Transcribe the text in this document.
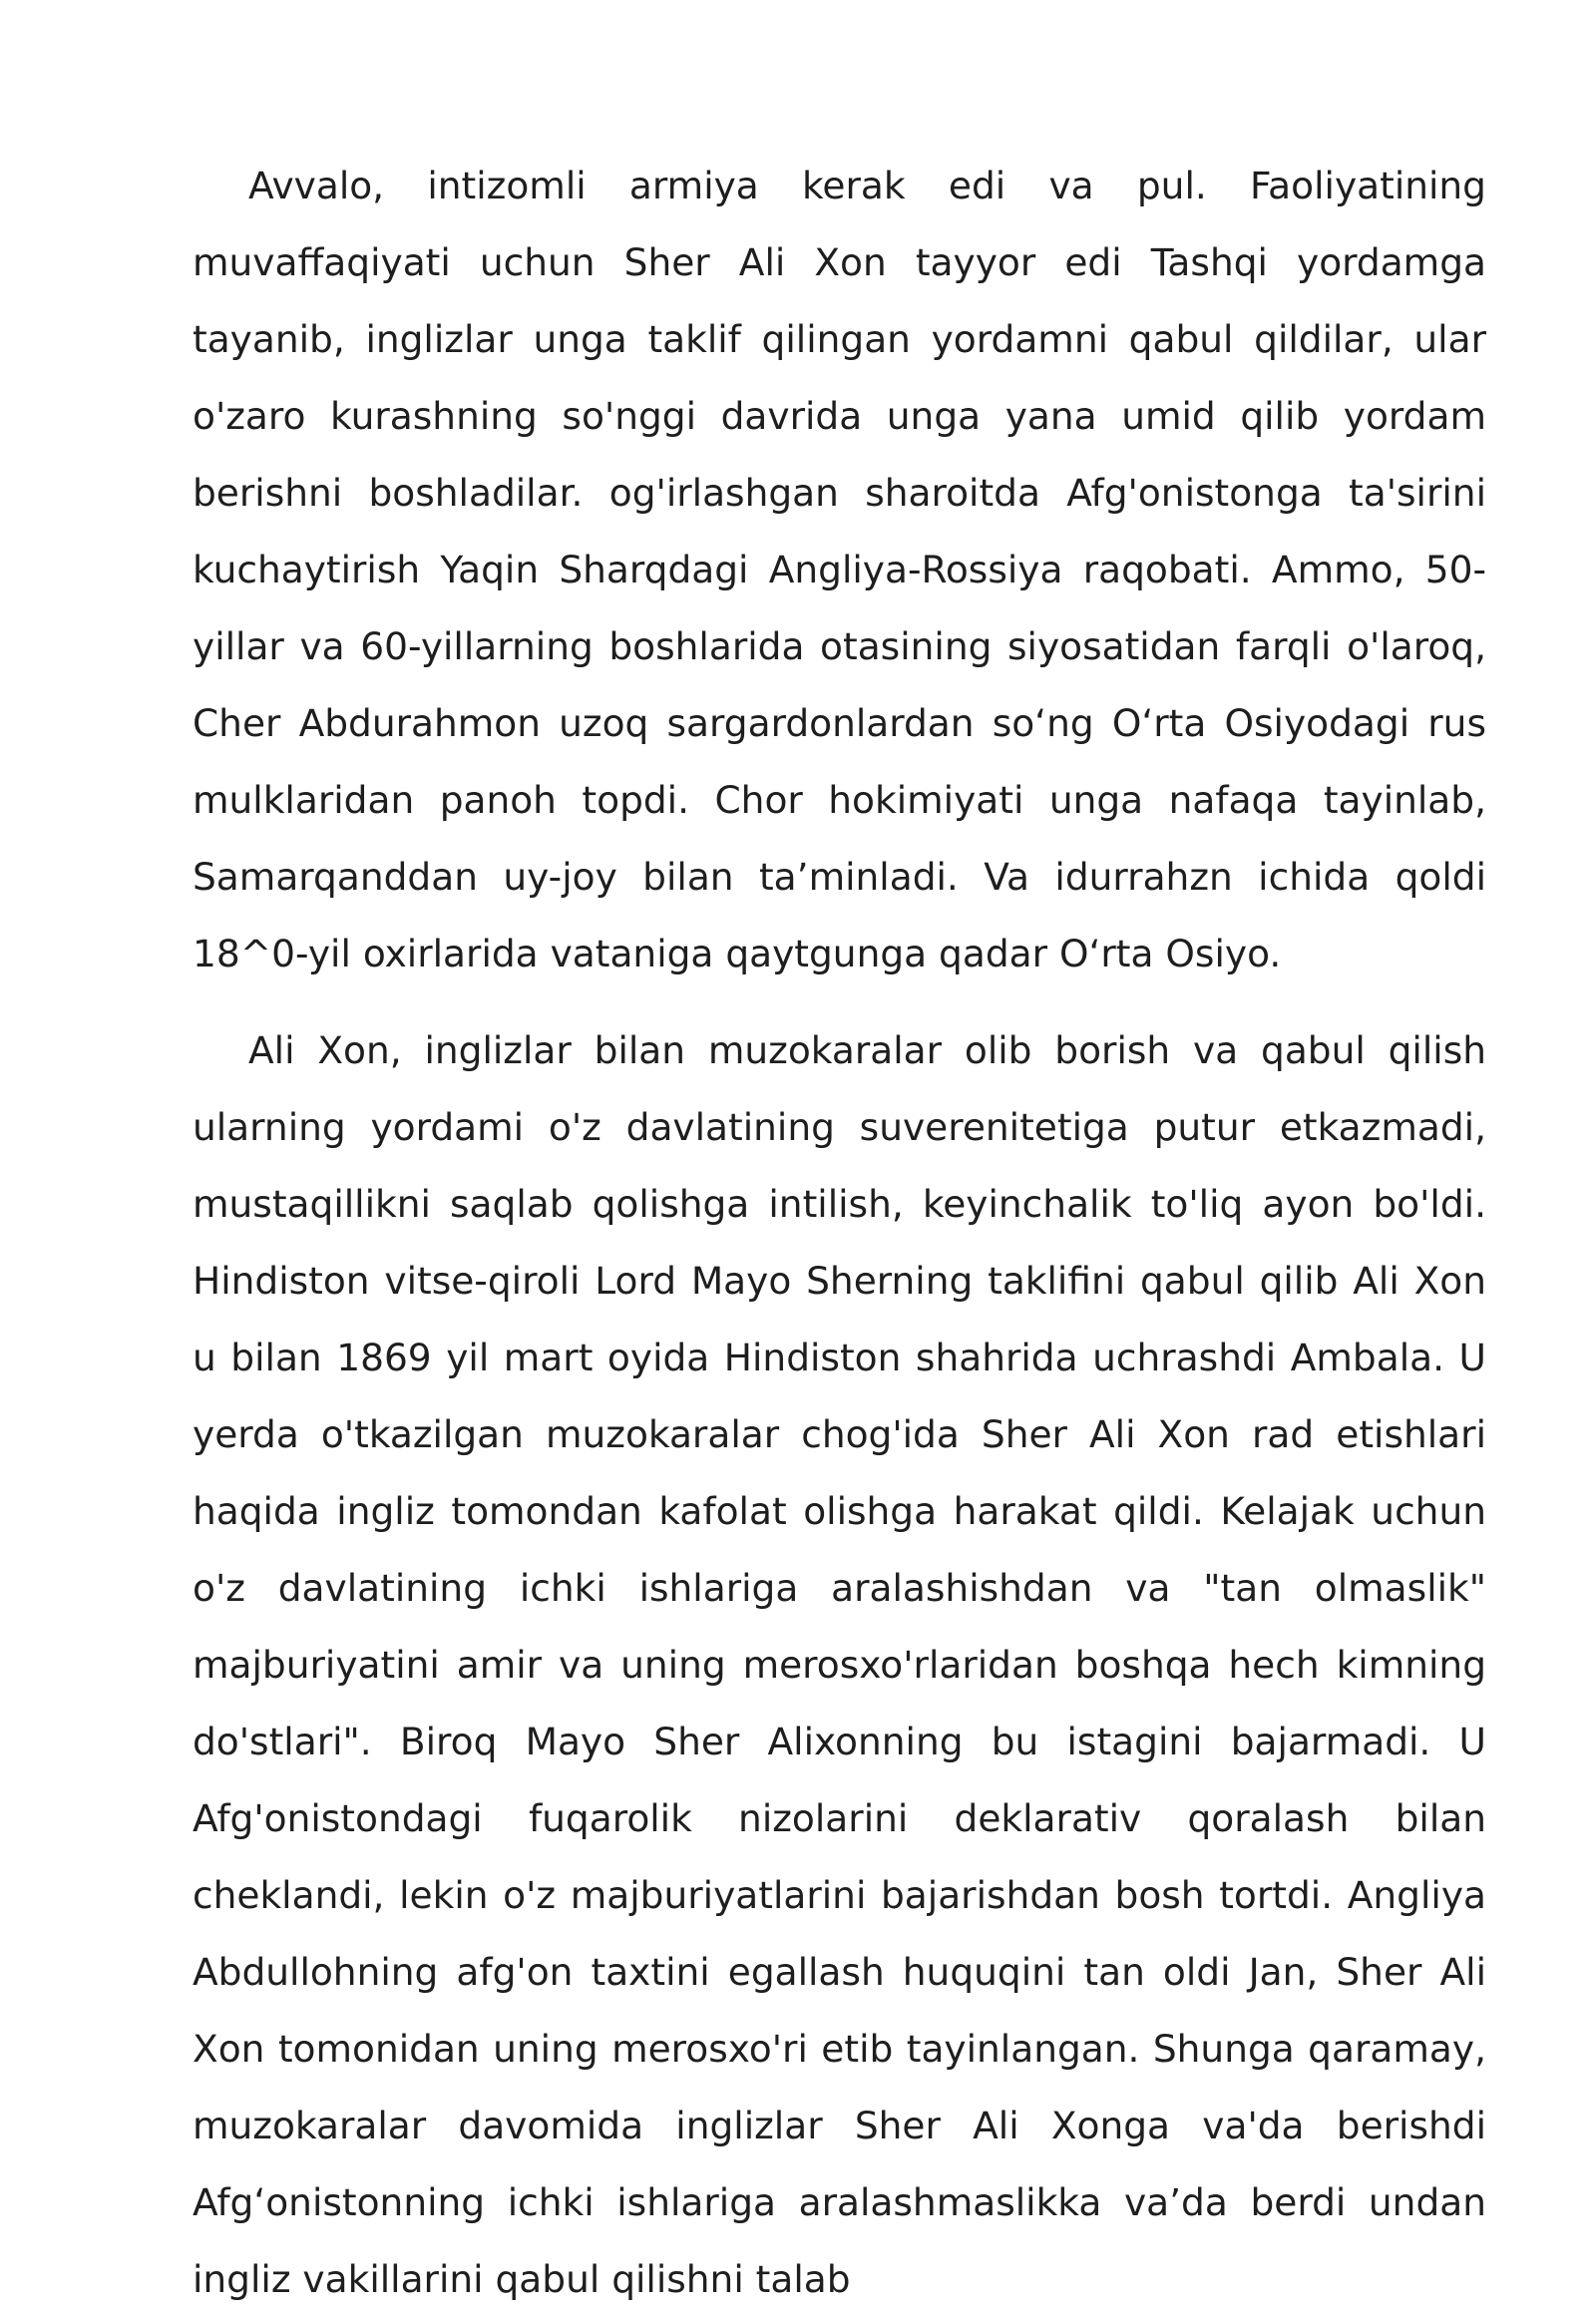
Avvalo, intizomli armiya kerak edi va pul. Faoliyatining muvaffaqiyati uchun Sher Ali Xon tayyor edi Tashqi yordamga tayanib, inglizlar unga taklif qilingan yordamni qabul qildilar, ular o'zaro kurashning so'nggi davrida unga yana umid qilib yordam berishni boshladilar. og'irlashgan sharoitda Afg'onistonga ta'sirini kuchaytirish Yaqin Sharqdagi Angliya-Rossiya raqobati. Ammo, 50-yillar va 60-yillarning boshlarida otasining siyosatidan farqli o'laroq, Cher Abdurahmon uzoq sargardonlardan so‘ng O‘rta Osiyodagi rus mulklaridan panoh topdi. Chor hokimiyati unga nafaqa tayinlab, Samarqanddan uy-joy bilan ta’minladi. Va idurrahzn ichida qoldi 18^0-yil oxirlarida vataniga qaytgunga qadar O‘rta Osiyo.

Ali Xon, inglizlar bilan muzokaralar olib borish va qabul qilish ularning yordami o'z davlatining suverenitetiga putur etkazmadi, mustaqillikni saqlab qolishga intilish, keyinchalik to'liq ayon bo'ldi. Hindiston vitse-qiroli Lord Mayo Sherning taklifini qabul qilib Ali Xon u bilan 1869 yil mart oyida Hindiston shahrida uchrashdi Ambala. U yerda o'tkazilgan muzokaralar chog'ida Sher Ali Xon rad etishlari haqida ingliz tomondan kafolat olishga harakat qildi. Kelajak uchun o'z davlatining ichki ishlariga aralashishdan va "tan olmaslik" majburiyatini amir va uning merosxo'rlaridan boshqa hech kimning do'stlari". Biroq Mayo Sher Alixonning bu istagini bajarmadi. U Afg'onistondagi fuqarolik nizolarini deklarativ qoralash bilan cheklandi, lekin o'z majburiyatlarini bajarishdan bosh tortdi. Angliya Abdullohning afg'on taxtini egallash huquqini tan oldi Jan, Sher Ali Xon tomonidan uning merosxo'ri etib tayinlangan. Shunga qaramay, muzokaralar davomida inglizlar Sher Ali Xonga va'da berishdi Afg‘onistonning ichki ishlariga aralashmaslikka va’da berdi undan ingliz vakillarini qabul qilishni talab
